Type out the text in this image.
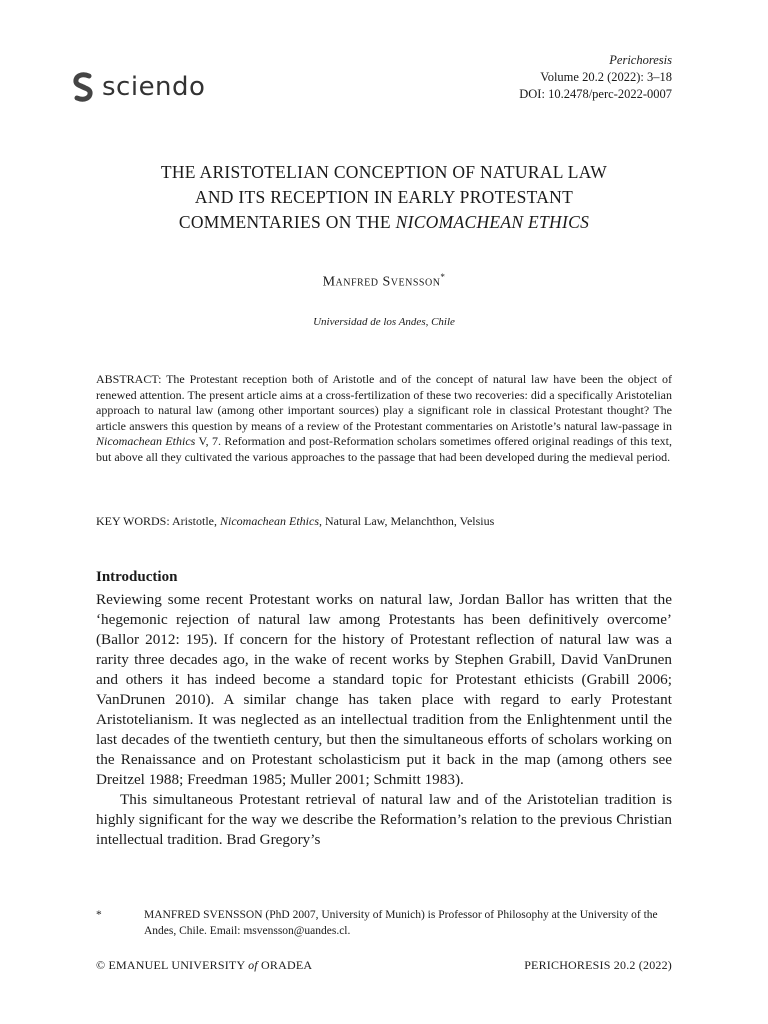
sciendo
Perichoresis
Volume 20.2 (2022): 3–18
DOI: 10.2478/perc-2022-0007
THE ARISTOTELIAN CONCEPTION OF NATURAL LAW
AND ITS RECEPTION IN EARLY PROTESTANT
COMMENTARIES ON THE NICOMACHEAN ETHICS
Manfred Svensson*
Universidad de los Andes, Chile
ABSTRACT: The Protestant reception both of Aristotle and of the concept of natural law have been the object of renewed attention. The present article aims at a cross-fertilization of these two recoveries: did a specifically Aristotelian approach to natural law (among other important sources) play a significant role in classical Protestant thought? The article answers this question by means of a review of the Protestant commentaries on Aristotle’s natural law-passage in Nicomachean Ethics V, 7. Reformation and post-Reformation scholars sometimes offered original readings of this text, but above all they cultivated the various approaches to the passage that had been developed during the medieval period.
KEY WORDS: Aristotle, Nicomachean Ethics, Natural Law, Melanchthon, Velsius
Introduction

Reviewing some recent Protestant works on natural law, Jordan Ballor has written that the ‘hegemonic rejection of natural law among Protestants has been definitively overcome’ (Ballor 2012: 195). If concern for the history of Protestant reflection of natural law was a rarity three decades ago, in the wake of recent works by Stephen Grabill, David VanDrunen and others it has indeed become a standard topic for Protestant ethicists (Grabill 2006; VanDrunen 2010). A similar change has taken place with regard to early Protestant Aristotelianism. It was neglected as an intellectual tradition from the Enlightenment until the last decades of the twentieth century, but then the simultaneous efforts of scholars working on the Renaissance and on Protestant scholasticism put it back in the map (among others see Dreitzel 1988; Freedman 1985; Muller 2001; Schmitt 1983).

This simultaneous Protestant retrieval of natural law and of the Aristotelian tradition is highly significant for the way we describe the Reformation’s relation to the previous Christian intellectual tradition. Brad Gregory’s

*	MANFRED SVENSSON (PhD 2007, University of Munich) is Professor of Philosophy at the University of the Andes, Chile. Email: msvensson@uandes.cl.
© EMANUEL UNIVERSITY of ORADEA	PERICHORESIS 20.2 (2022)
